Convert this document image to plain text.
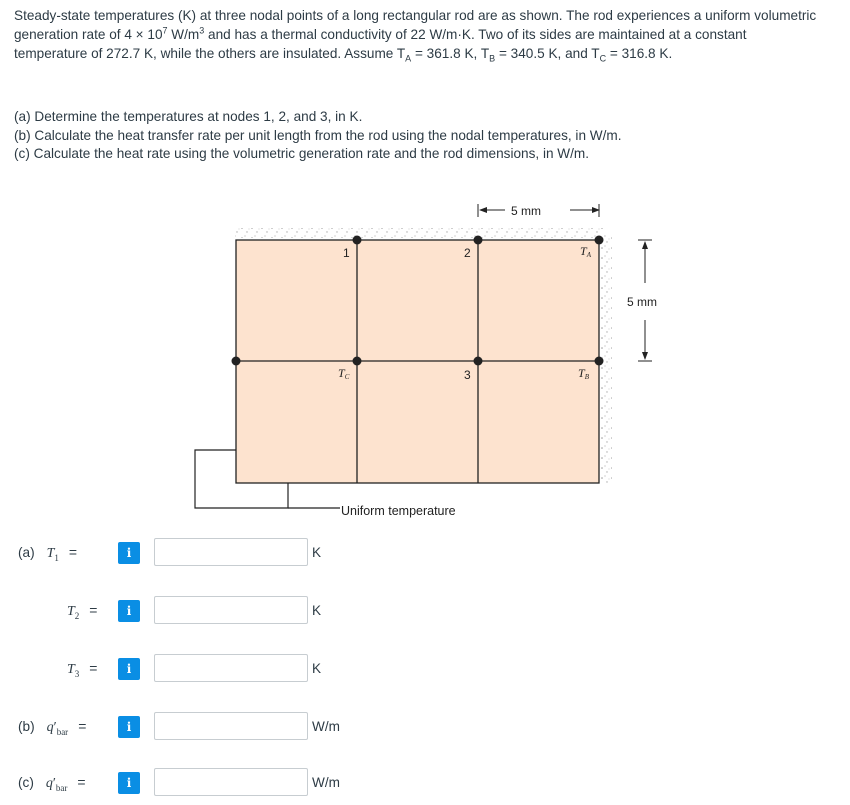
Steady-state temperatures (K) at three nodal points of a long rectangular rod are as shown. The rod experiences a uniform volumetric

generation rate of $4 \times 10^7$ $W/m^3$ and has a thermal conductivity of 22 W/m·K. Two of its sides are maintained at a constant

temperature of 272.7 K, while the others are insulated. Assume $T_A = 361.8$ K, $T_B = 340.5$ K, and $T_C = 316.8$ K.

(a) Determine the temperatures at nodes 1, 2, and 3, in K.
(b) Calculate the heat transfer rate per unit length from the rod using the nodal temperatures, in W/m.
(c) Calculate the heat rate using the volumetric generation rate and the rod dimensions, in W/m.
1	2
3
TA
TB
TC
5 mm
5 mm
Uniform temperature
(a) $T_1$ =	i	K
$T_2$ =	i	K
$T_3$ =	i	K
(b) $q'_{bar}$ =	i	W/m
(c) $q'_{bar}$ =	i	W/m
